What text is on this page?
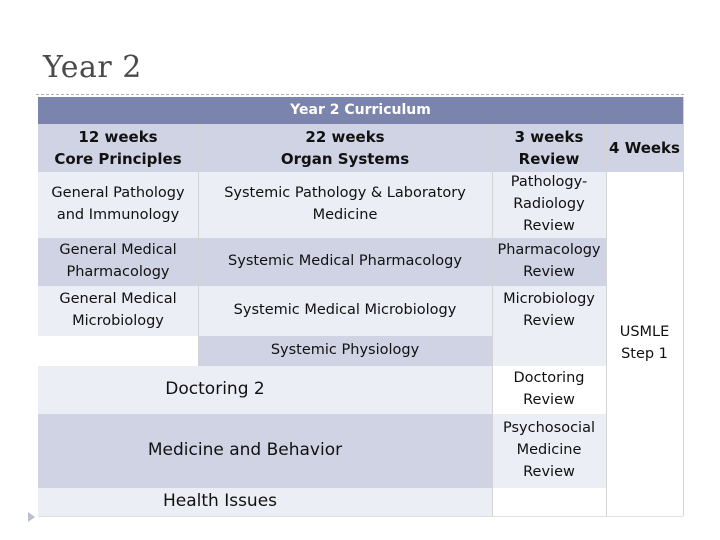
Year 2
Year 2 Curriculum
12 weeks
Core Principles
22 weeks
Organ Systems
3 weeks
Review
4 Weeks
General Pathology
and Immunology
Systemic Pathology & Laboratory
Medicine
Pathology-
Radiology
Review
General Medical
Pharmacology
Systemic Medical Pharmacology
Pharmacology
Review
General Medical
Microbiology
Systemic Medical Microbiology
Microbiology
Review
Systemic Physiology
Doctoring 2
Doctoring
Review
Medicine and Behavior
Psychosocial
Medicine
Review
Health Issues
USMLE
Step 1
